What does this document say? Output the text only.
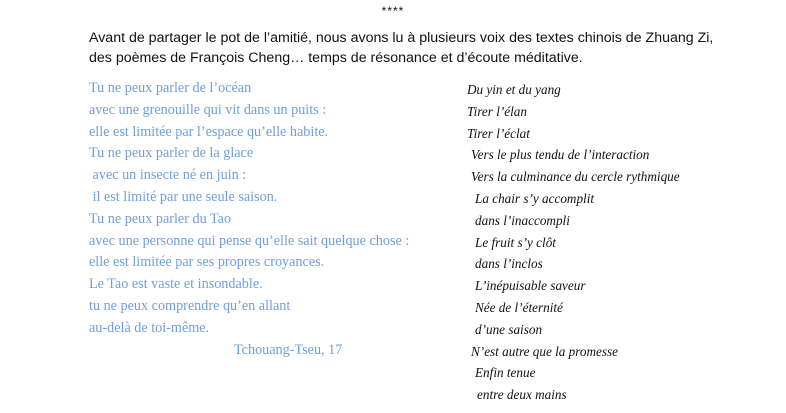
****

Avant de partager le pot de l’amitié, nous avons lu à plusieurs voix des textes chinois de Zhuang Zi,

des poèmes de François Cheng… temps de résonance et d’écoute méditative.

Tu ne peux parler de l’océan
avec une grenouille qui vit dans un puits :
elle est limitée par l’espace qu’elle habite.
Tu ne peux parler de la glace
avec un insecte né en juin :
il est limité par une seule saison.
Tu ne peux parler du Tao
avec une personne qui pense qu’elle sait quelque chose :
elle est limitée par ses propres croyances.
Le Tao est vaste et insondable.
tu ne peux comprendre qu’en allant
au-delà de toi-même.
Tchouang-Tseu, 17
Du yin et du yang
Tirer l’élan
Tirer l’éclat
Vers le plus tendu de l’interaction
Vers la culminance du cercle rythmique
La chair s’y accomplit
dans l’inaccompli
Le fruit s’y clôt
dans l’inclos
L’inépuisable saveur
Née de l’éternité
d’une saison
N’est autre que la promesse
Enfin tenue
entre deux mains
